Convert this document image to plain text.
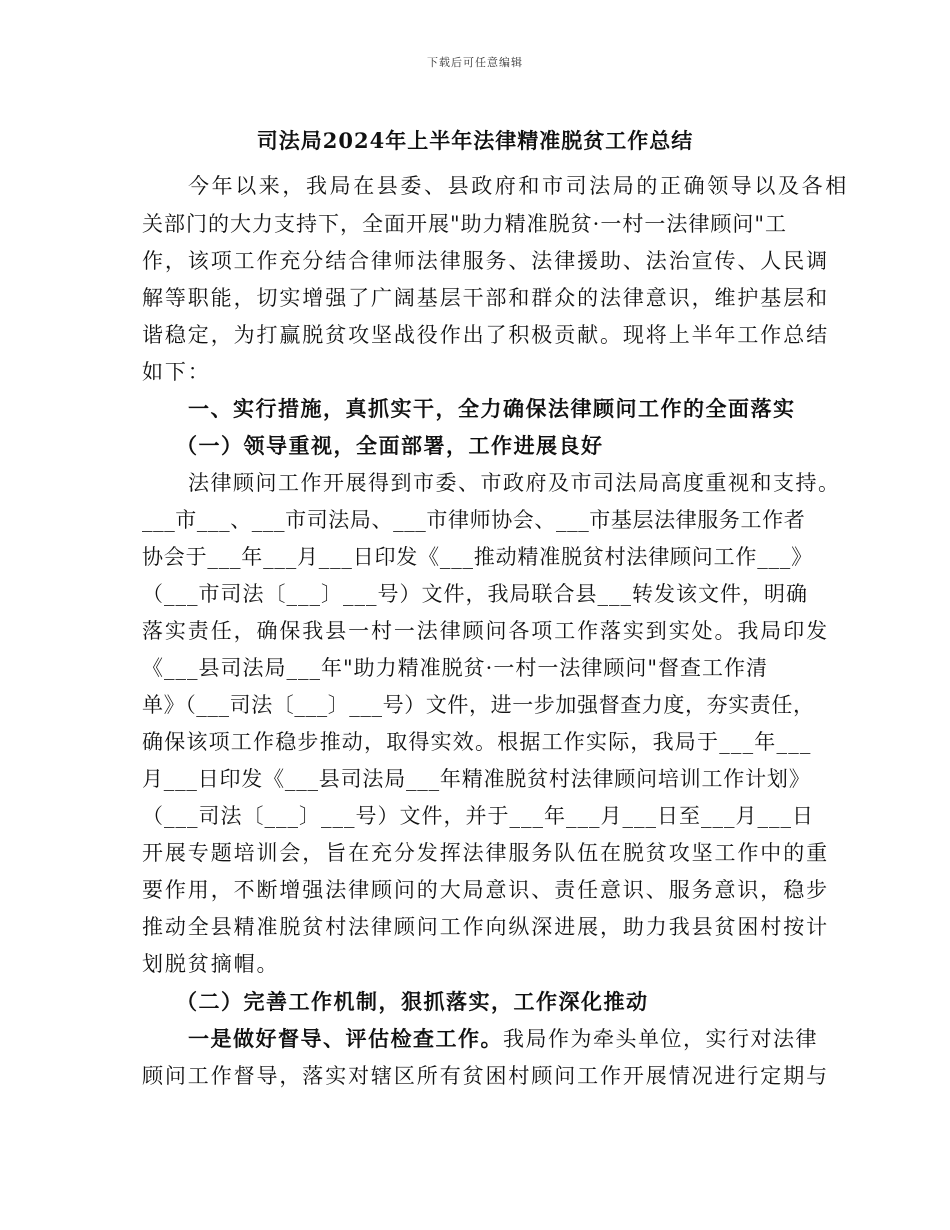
下载后可任意编辑
司法局2024年上半年法律精准脱贫工作总结
今年以来，我局在县委、县政府和市司法局的正确领导以及各相
关部门的大力支持下，全面开展"助力精准脱贫·一村一法律顾问"工
作，该项工作充分结合律师法律服务、法律援助、法治宣传、人民调
解等职能，切实增强了广阔基层干部和群众的法律意识，维护基层和
谐稳定，为打赢脱贫攻坚战役作出了积极贡献。现将上半年工作总结
如下：
一、实行措施，真抓实干，全力确保法律顾问工作的全面落实
（一）领导重视，全面部署，工作进展良好
法律顾问工作开展得到市委、市政府及市司法局高度重视和支持。
___市___、___市司法局、___市律师协会、___市基层法律服务工作者
协会于___年___月___日印发《___推动精准脱贫村法律顾问工作___》
（___市司法〔___〕___号）文件，我局联合县___转发该文件，明确
落实责任，确保我县一村一法律顾问各项工作落实到实处。我局印发
《___县司法局___年"助力精准脱贫·一村一法律顾问"督查工作清
单》（___司法〔___〕___号）文件，进一步加强督查力度，夯实责任，
确保该项工作稳步推动，取得实效。根据工作实际，我局于___年___
月___日印发《___县司法局___年精准脱贫村法律顾问培训工作计划》
（___司法〔___〕___号）文件，并于___年___月___日至___月___日
开展专题培训会，旨在充分发挥法律服务队伍在脱贫攻坚工作中的重
要作用，不断增强法律顾问的大局意识、责任意识、服务意识，稳步
推动全县精准脱贫村法律顾问工作向纵深进展，助力我县贫困村按计
划脱贫摘帽。
（二）完善工作机制，狠抓落实，工作深化推动
一是做好督导、评估检查工作。我局作为牵头单位，实行对法律
顾问工作督导，落实对辖区所有贫困村顾问工作开展情况进行定期与
